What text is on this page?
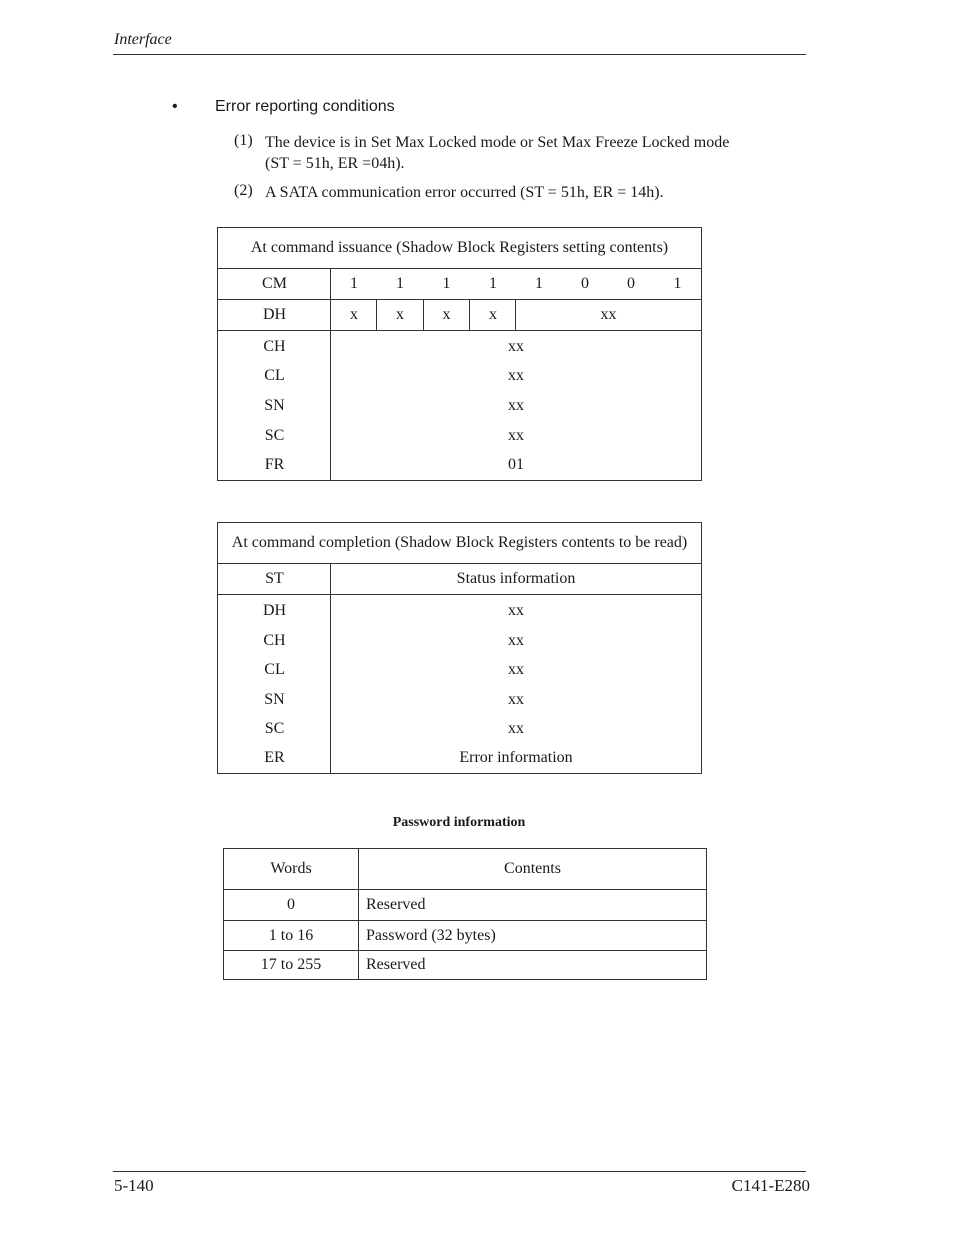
Interface
• Error reporting conditions
(1) The device is in Set Max Locked mode or Set Max Freeze Locked mode
(ST = 51h, ER =04h).
(2) A SATA communication error occurred (ST = 51h, ER = 14h).
At command issuance (Shadow Block Registers setting contents)
CM	1	1	1	1	1	0	0	1
DH	x	x	x	x	xx
CH	xx
CL	xx
SN	xx
SC	xx
FR	01
At command completion (Shadow Block Registers contents to be read)
ST	Status information
DH	xx
CH	xx
CL	xx
SN	xx
SC	xx
ER	Error information
Password information
Words	Contents
0	Reserved
1 to 16	Password (32 bytes)
17 to 255	Reserved
5-140	C141-E280
